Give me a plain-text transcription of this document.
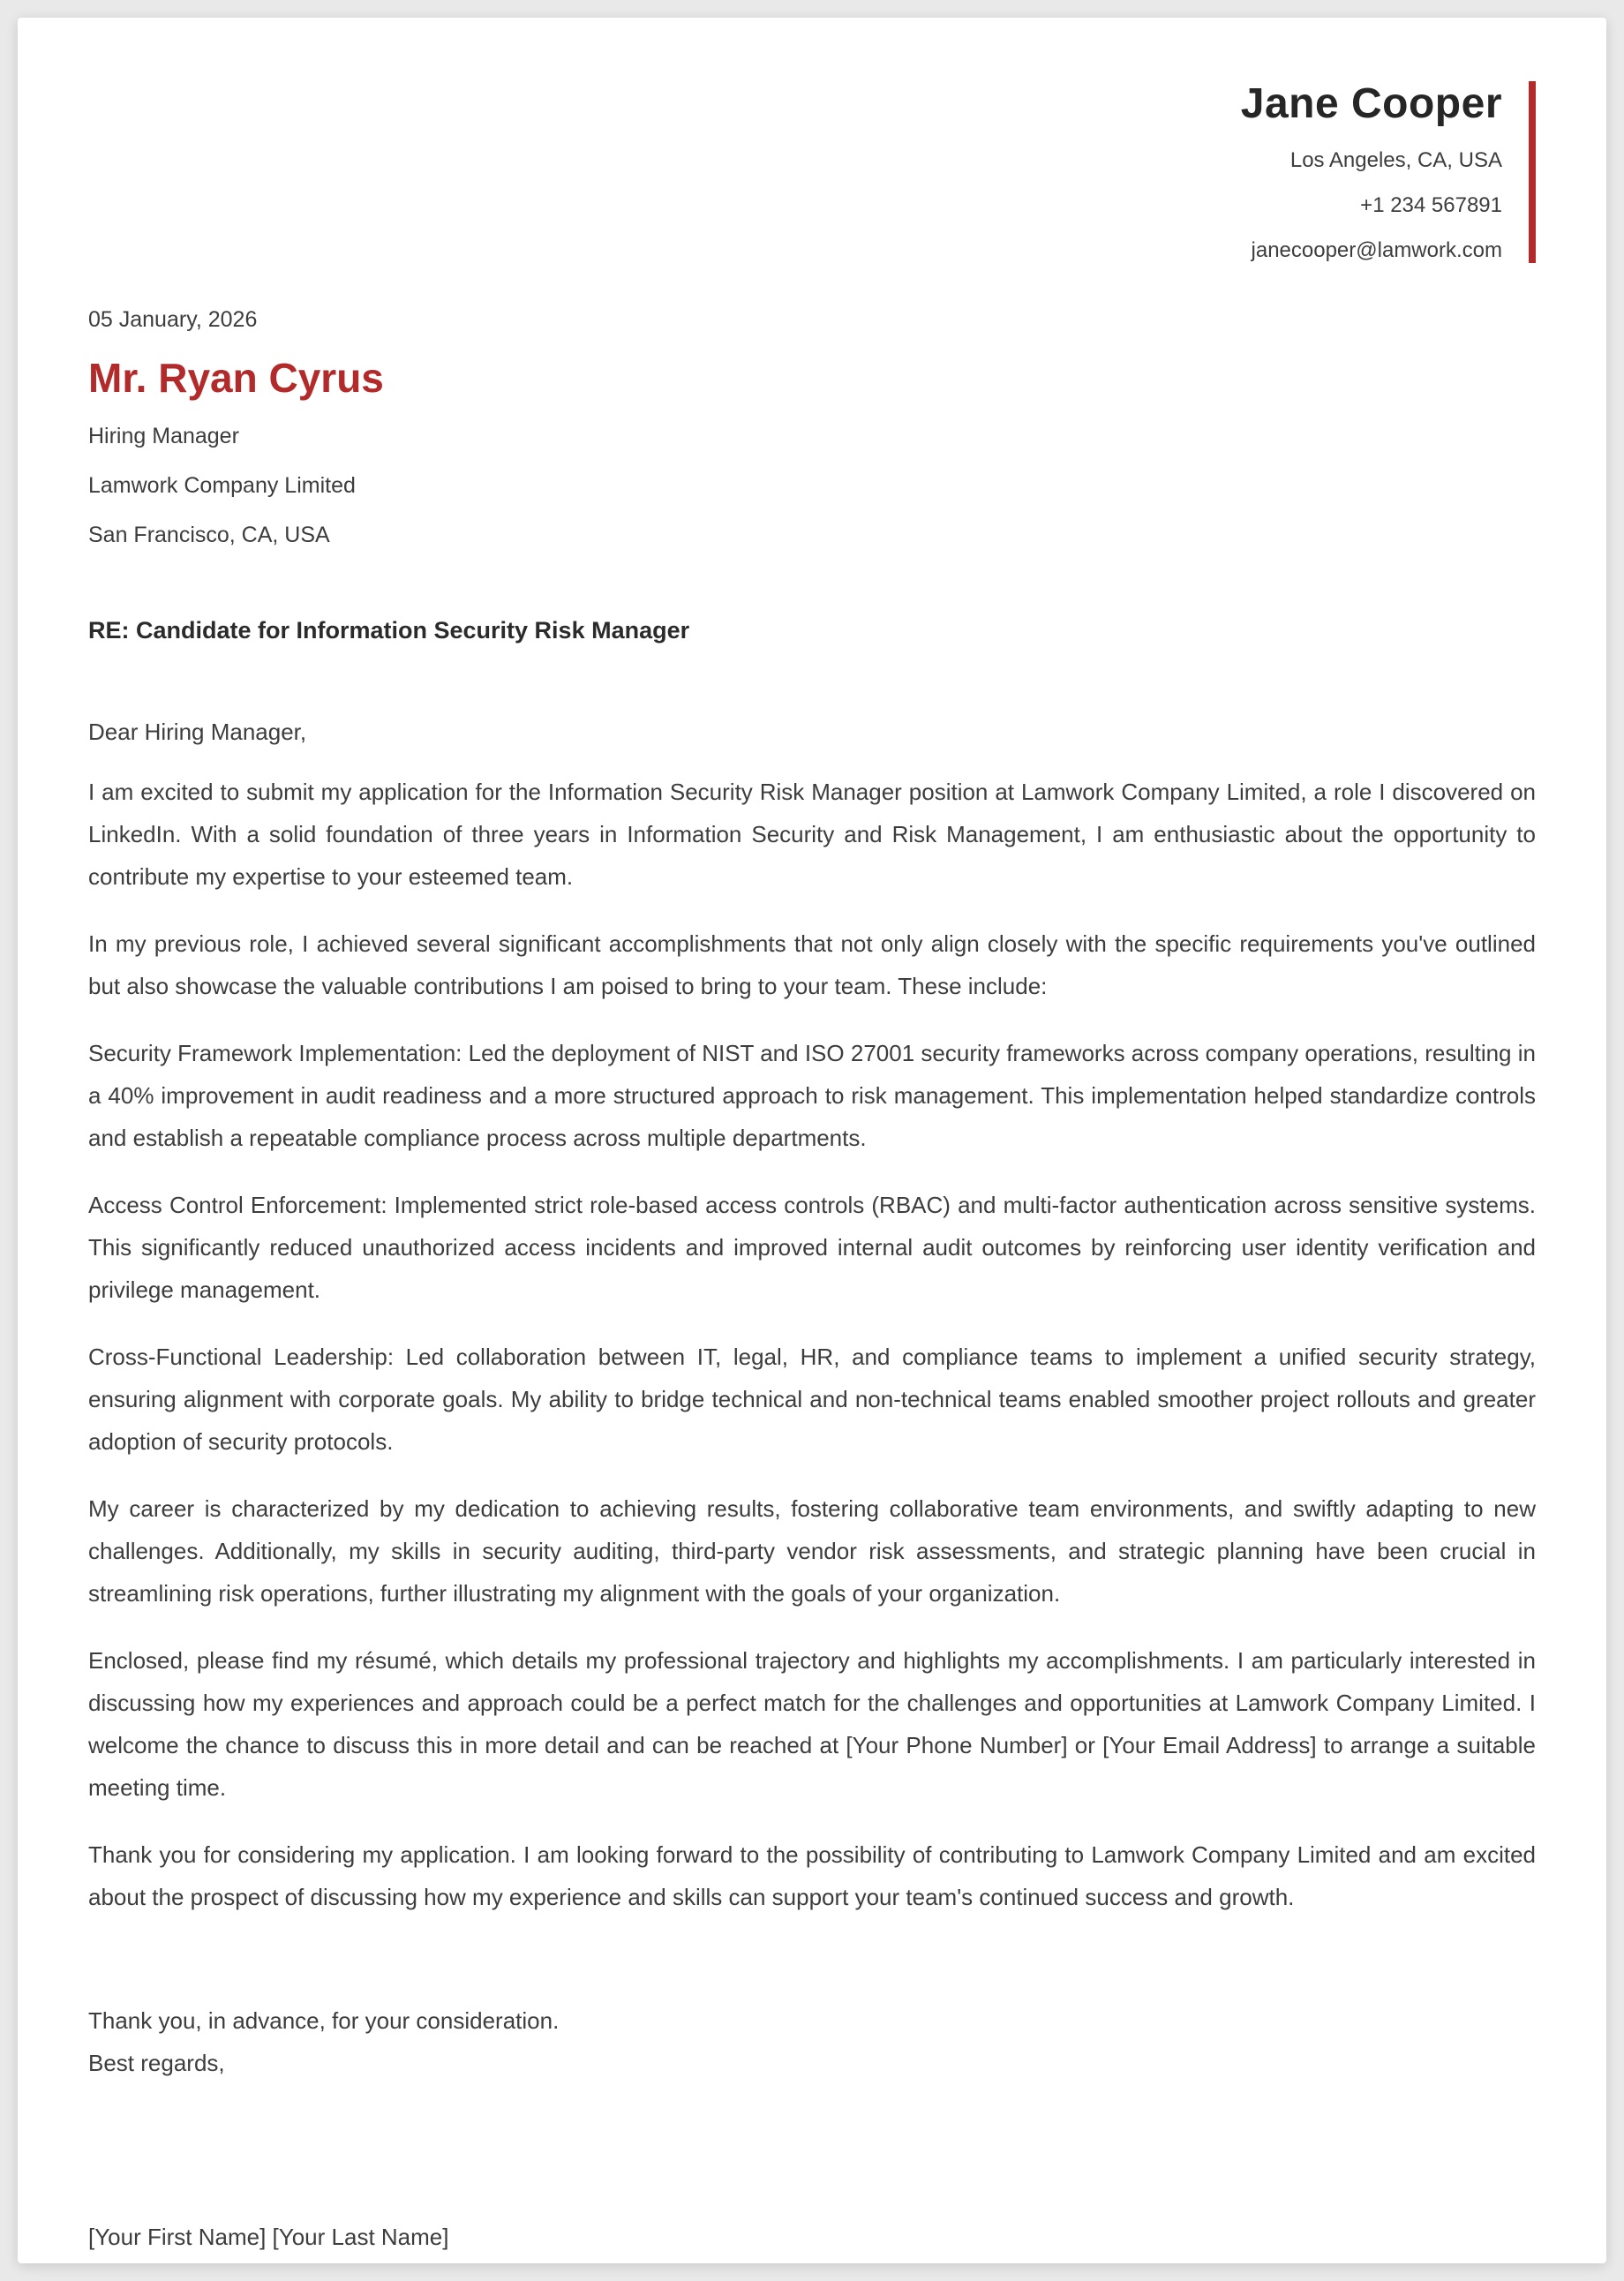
Jane Cooper
Los Angeles, CA, USA
+1 234 567891
janecooper@lamwork.com
05 January, 2026
Mr. Ryan Cyrus
Hiring Manager
Lamwork Company Limited
San Francisco, CA, USA
RE: Candidate for Information Security Risk Manager
Dear Hiring Manager,

I am excited to submit my application for the Information Security Risk Manager position at Lamwork Company Limited, a role I discovered on LinkedIn. With a solid foundation of three years in Information Security and Risk Management, I am enthusiastic about the opportunity to contribute my expertise to your esteemed team.

In my previous role, I achieved several significant accomplishments that not only align closely with the specific requirements you've outlined but also showcase the valuable contributions I am poised to bring to your team. These include:

Security Framework Implementation: Led the deployment of NIST and ISO 27001 security frameworks across company operations, resulting in a 40% improvement in audit readiness and a more structured approach to risk management. This implementation helped standardize controls and establish a repeatable compliance process across multiple departments.

Access Control Enforcement: Implemented strict role-based access controls (RBAC) and multi-factor authentication across sensitive systems. This significantly reduced unauthorized access incidents and improved internal audit outcomes by reinforcing user identity verification and privilege management.

Cross-Functional Leadership: Led collaboration between IT, legal, HR, and compliance teams to implement a unified security strategy, ensuring alignment with corporate goals. My ability to bridge technical and non-technical teams enabled smoother project rollouts and greater adoption of security protocols.

My career is characterized by my dedication to achieving results, fostering collaborative team environments, and swiftly adapting to new challenges. Additionally, my skills in security auditing, third-party vendor risk assessments, and strategic planning have been crucial in streamlining risk operations, further illustrating my alignment with the goals of your organization.

Enclosed, please find my résumé, which details my professional trajectory and highlights my accomplishments. I am particularly interested in discussing how my experiences and approach could be a perfect match for the challenges and opportunities at Lamwork Company Limited. I welcome the chance to discuss this in more detail and can be reached at [Your Phone Number] or [Your Email Address] to arrange a suitable meeting time.

Thank you for considering my application. I am looking forward to the possibility of contributing to Lamwork Company Limited and am excited about the prospect of discussing how my experience and skills can support your team's continued success and growth.

Thank you, in advance, for your consideration.
Best regards,
[Your First Name] [Your Last Name]
